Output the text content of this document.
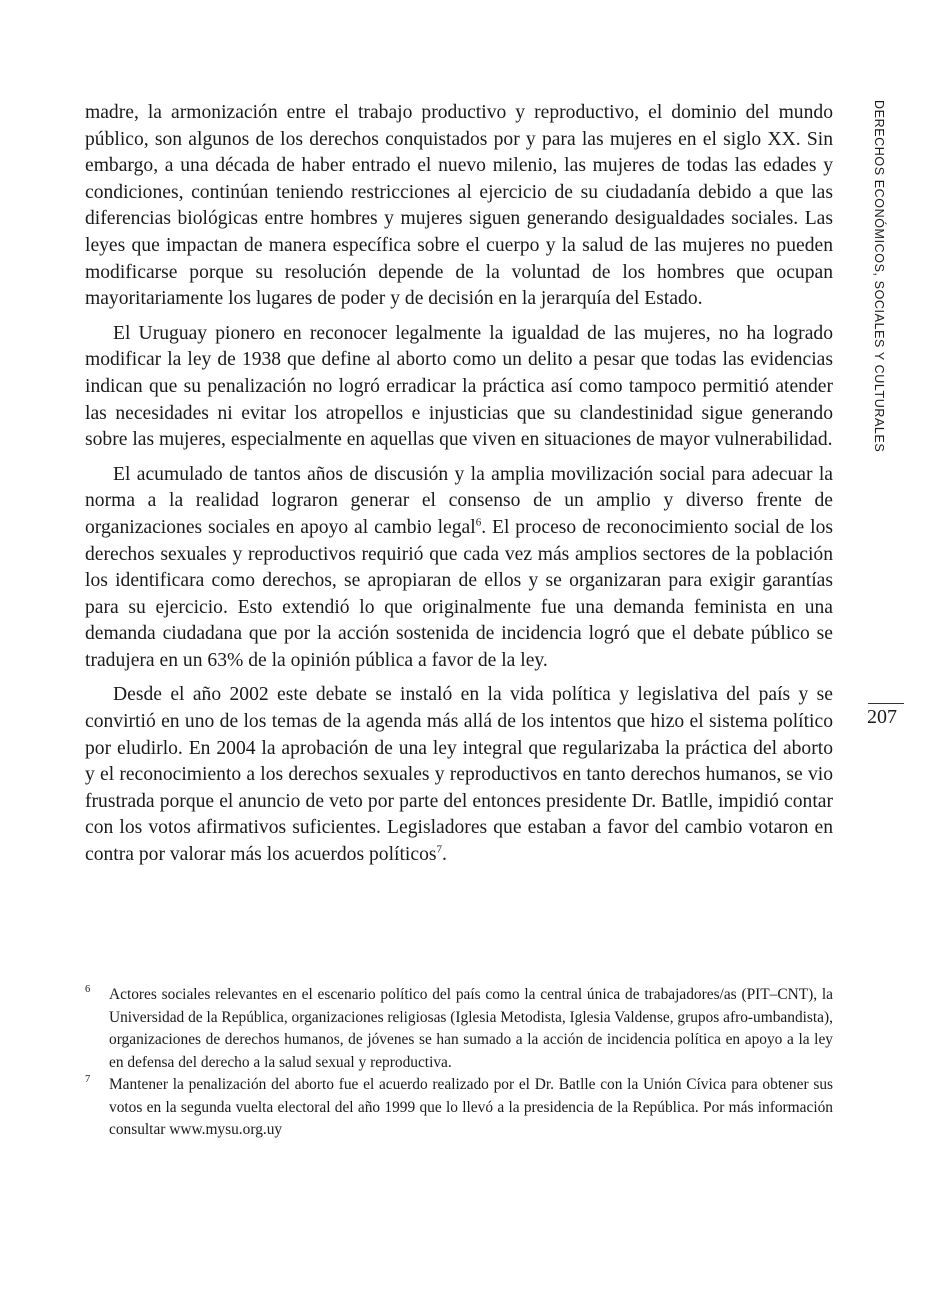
madre, la armonización entre el trabajo productivo y reproductivo, el dominio del mundo público, son algunos de los derechos conquistados por y para las mujeres en el siglo XX. Sin embargo, a una década de haber entrado el nuevo milenio, las mujeres de todas las edades y condiciones, continúan teniendo restricciones al ejercicio de su ciudadanía debido a que las diferencias biológicas entre hombres y mujeres siguen generando desigualdades sociales. Las leyes que impactan de manera específica sobre el cuerpo y la salud de las mujeres no pueden modificarse porque su resolución depende de la voluntad de los hombres que ocupan mayoritariamente los lugares de poder y de decisión en la jerarquía del Estado.

El Uruguay pionero en reconocer legalmente la igualdad de las mujeres, no ha logrado modificar la ley de 1938 que define al aborto como un delito a pesar que todas las evidencias indican que su penalización no logró erradicar la práctica así como tampoco permitió atender las necesidades ni evitar los atropellos e injusticias que su clandestinidad sigue generando sobre las mujeres, especialmente en aquellas que viven en situaciones de mayor vulnerabilidad.

El acumulado de tantos años de discusión y la amplia movilización social para adecuar la norma a la realidad lograron generar el consenso de un amplio y diverso frente de organizaciones sociales en apoyo al cambio legal$^6$. El proceso de reconocimiento social de los derechos sexuales y reproductivos requirió que cada vez más amplios sectores de la población los identificara como derechos, se apropiaran de ellos y se organizaran para exigir garantías para su ejercicio. Esto extendió lo que originalmente fue una demanda feminista en una demanda ciudadana que por la acción sostenida de incidencia logró que el debate público se tradujera en un 63% de la opinión pública a favor de la ley.

Desde el año 2002 este debate se instaló en la vida política y legislativa del país y se convirtió en uno de los temas de la agenda más allá de los intentos que hizo el sistema político por eludirlo. En 2004 la aprobación de una ley integral que regularizaba la práctica del aborto y el reconocimiento a los derechos sexuales y reproductivos en tanto derechos humanos, se vio frustrada porque el anuncio de veto por parte del entonces presidente Dr. Batlle, impidió contar con los votos afirmativos suficientes. Legisladores que estaban a favor del cambio votaron en contra por valorar más los acuerdos políticos$^7$.

DERECHOS ECONÓMICOS, SOCIALES Y CULTURALES
207
6 Actores sociales relevantes en el escenario político del país como la central única de trabajadores/as (PIT–CNT), la Universidad de la República, organizaciones religiosas (Iglesia Metodista, Iglesia Valdense, grupos afro-umbandista), organizaciones de derechos humanos, de jóvenes se han sumado a la acción de incidencia política en apoyo a la ley en defensa del derecho a la salud sexual y reproductiva.
7 Mantener la penalización del aborto fue el acuerdo realizado por el Dr. Batlle con la Unión Cívica para obtener sus votos en la segunda vuelta electoral del año 1999 que lo llevó a la presidencia de la República. Por más información consultar www.mysu.org.uy
